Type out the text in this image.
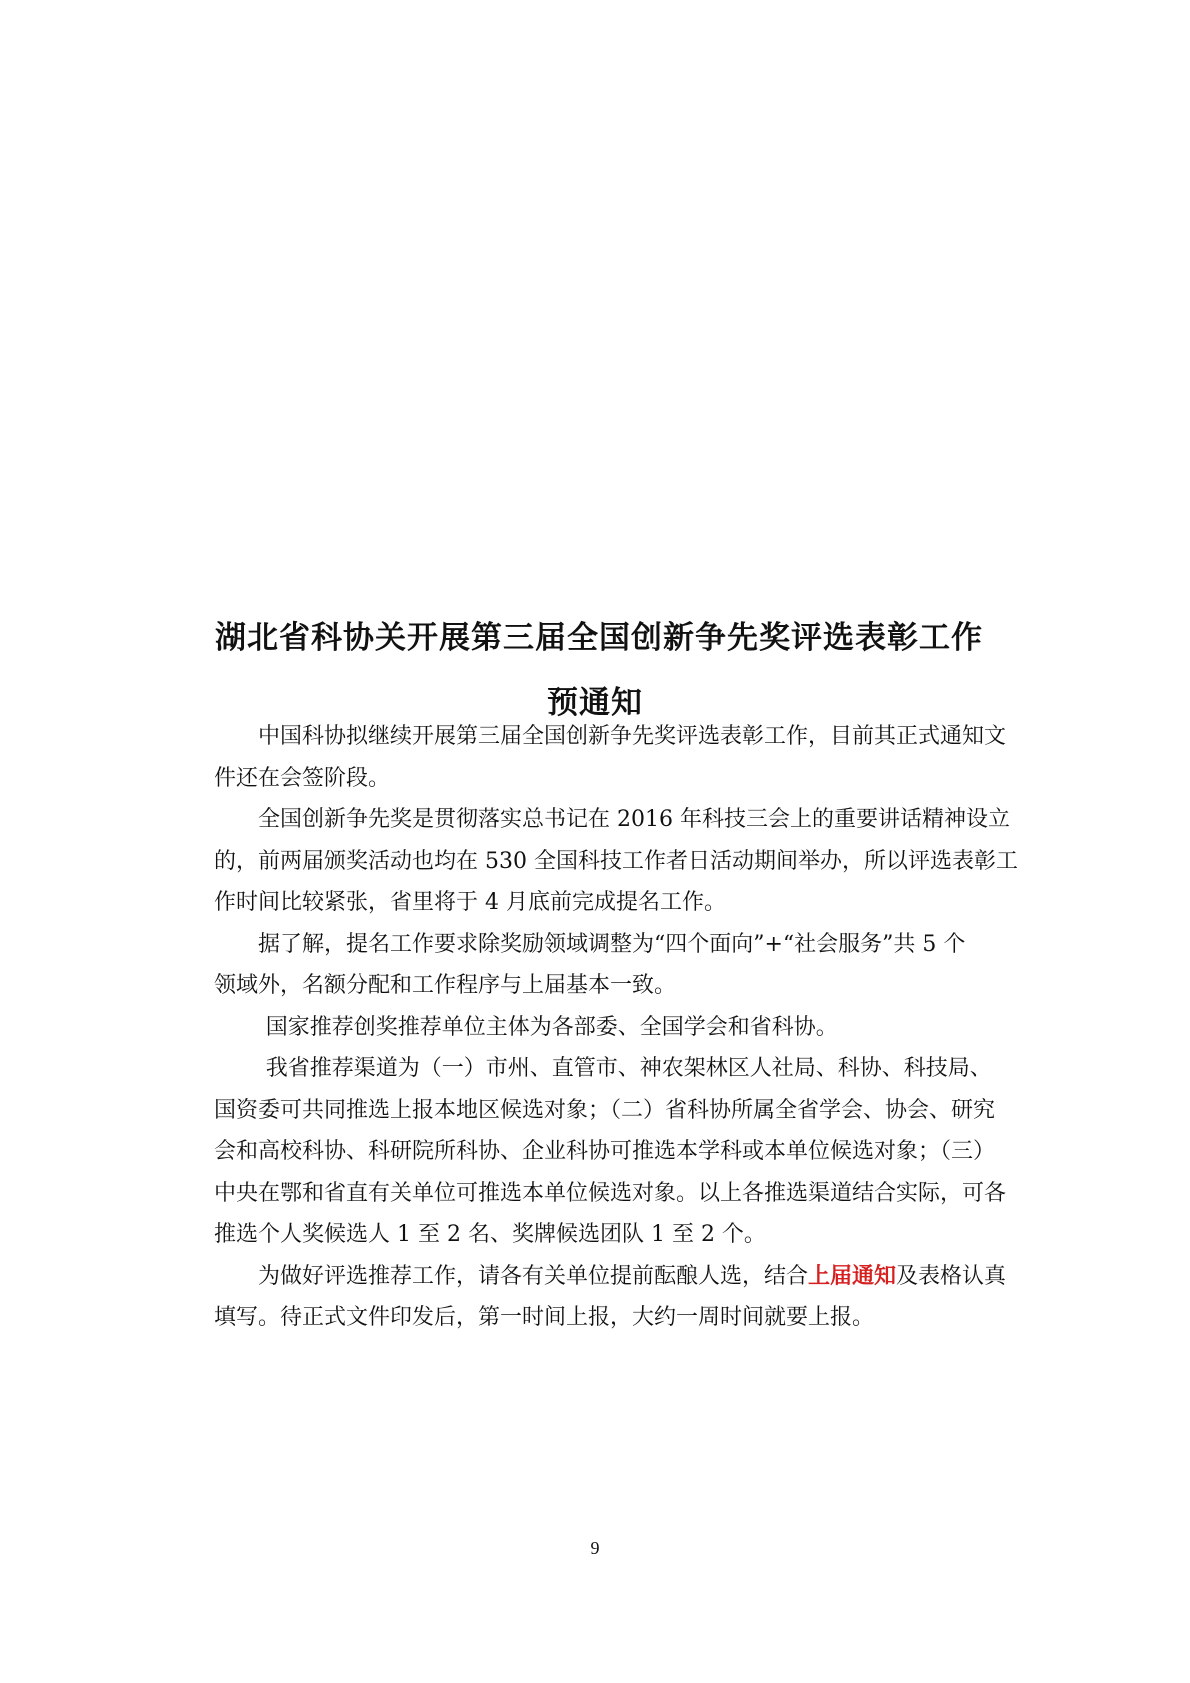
湖北省科协关开展第三届全国创新争先奖评选表彰工作
预通知
中国科协拟继续开展第三届全国创新争先奖评选表彰工作，目前其正式通知文
件还在会签阶段。
全国创新争先奖是贯彻落实总书记在 2016 年科技三会上的重要讲话精神设立
的，前两届颁奖活动也均在 530 全国科技工作者日活动期间举办，所以评选表彰工
作时间比较紧张，省里将于 4 月底前完成提名工作。
据了解，提名工作要求除奖励领域调整为“四个面向”+“社会服务”共 5 个
领域外，名额分配和工作程序与上届基本一致。
国家推荐创奖推荐单位主体为各部委、全国学会和省科协。
我省推荐渠道为（一）市州、直管市、神农架林区人社局、科协、科技局、
国资委可共同推选上报本地区候选对象；（二）省科协所属全省学会、协会、研究
会和高校科协、科研院所科协、企业科协可推选本学科或本单位候选对象；（三）
中央在鄂和省直有关单位可推选本单位候选对象。以上各推选渠道结合实际，可各
推选个人奖候选人 1 至 2 名、奖牌候选团队 1 至 2 个。
为做好评选推荐工作，请各有关单位提前酝酿人选，结合上届通知及表格认真
填写。待正式文件印发后，第一时间上报，大约一周时间就要上报。
9
